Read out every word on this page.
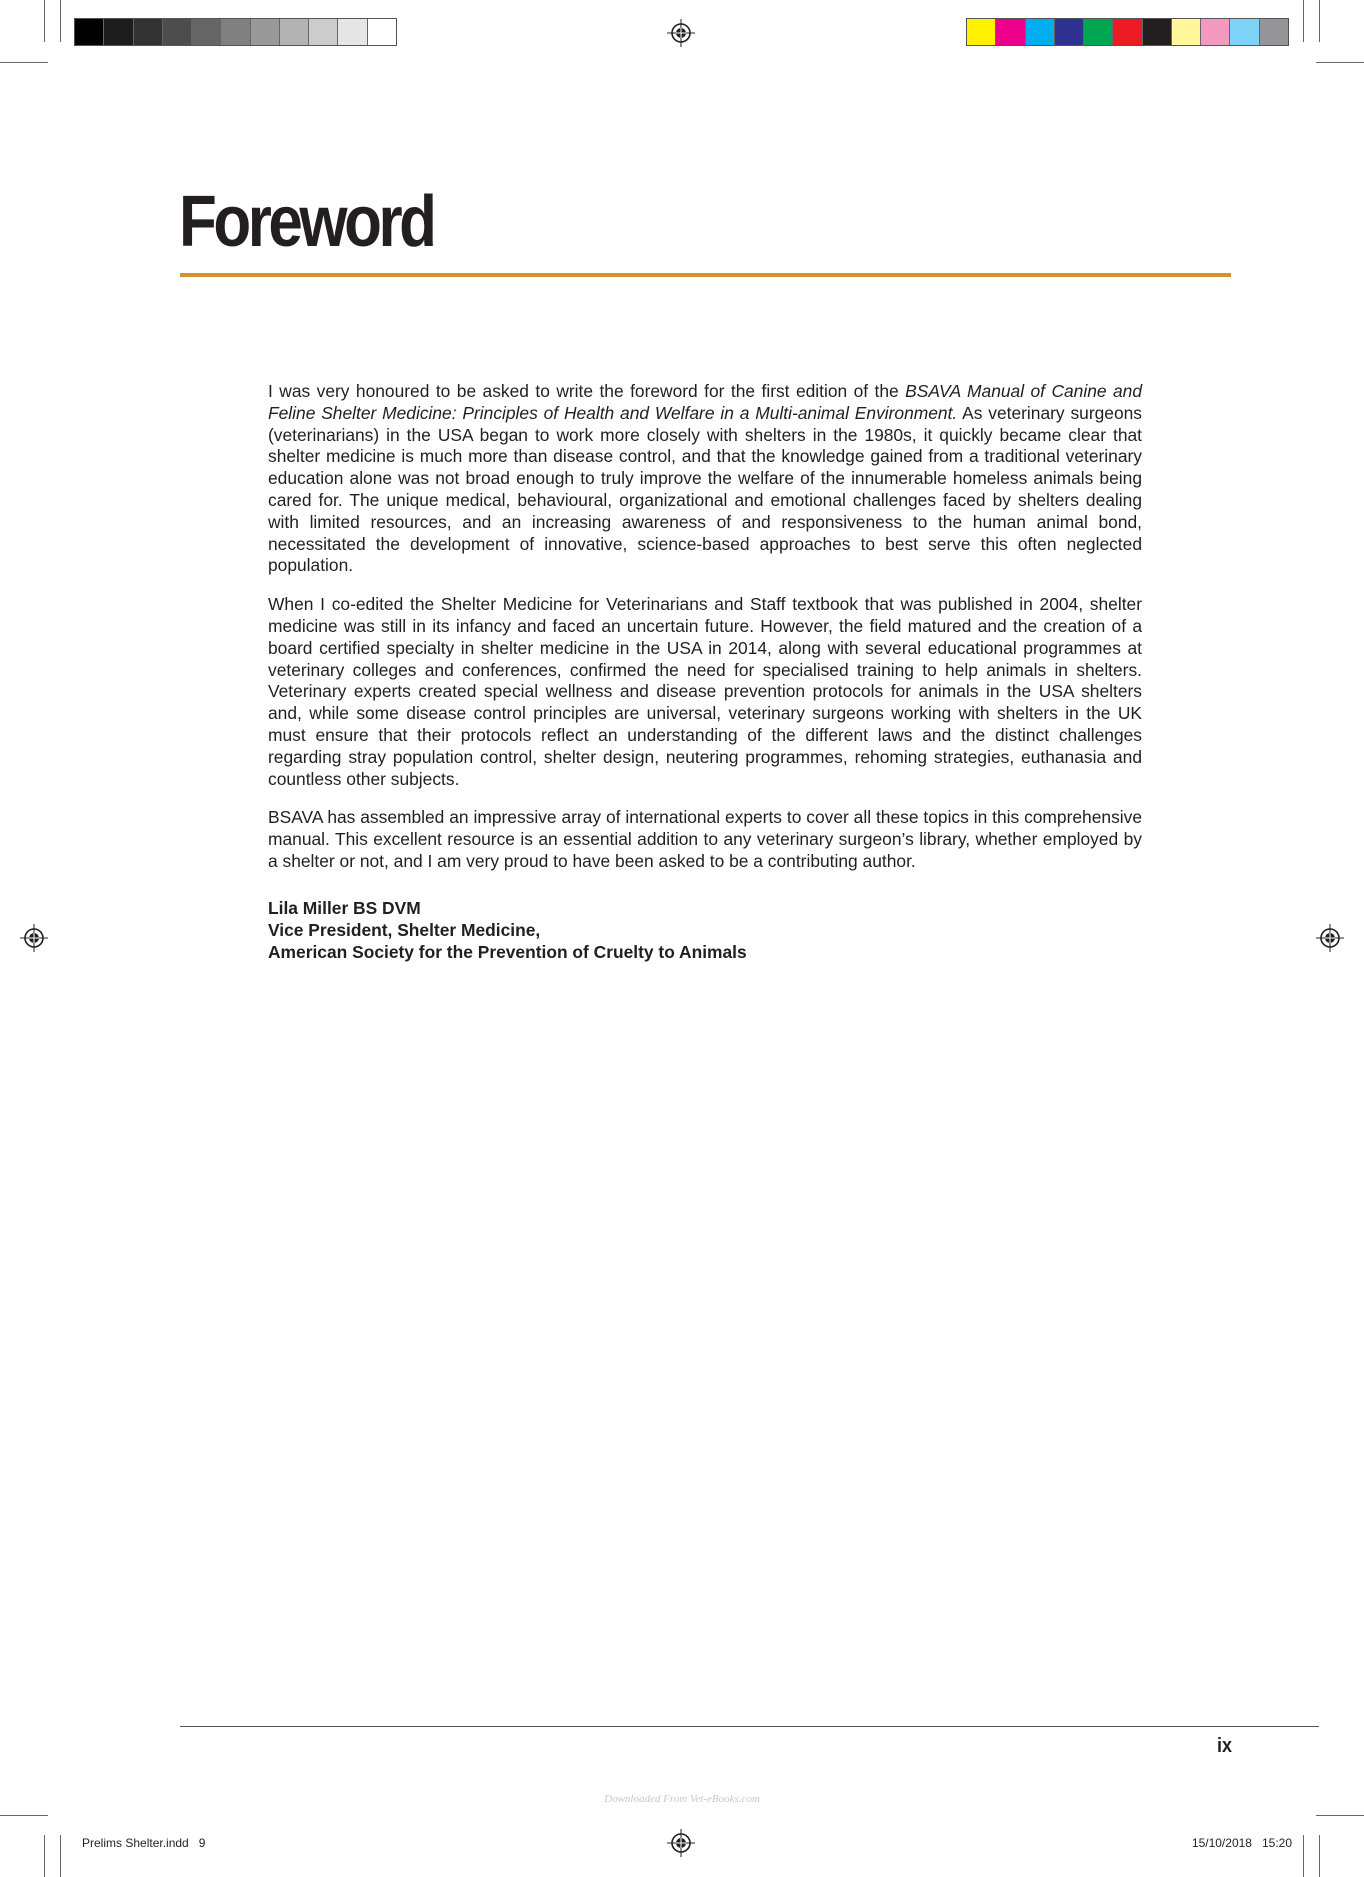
Foreword

I was very honoured to be asked to write the foreword for the first edition of the BSAVA Manual of Canine and Feline Shelter Medicine: Principles of Health and Welfare in a Multi-animal Environment. As veterinary surgeons (veterinarians) in the USA began to work more closely with shelters in the 1980s, it quickly became clear that shelter medicine is much more than disease control, and that the knowledge gained from a traditional veterinary education alone was not broad enough to truly improve the welfare of the innumerable homeless animals being cared for. The unique medical, behavioural, organizational and emotional challenges faced by shelters dealing with limited resources, and an increasing awareness of and responsiveness to the human animal bond, necessitated the development of innovative, science-based approaches to best serve this often neglected population.

When I co-edited the Shelter Medicine for Veterinarians and Staff textbook that was published in 2004, shelter medicine was still in its infancy and faced an uncertain future. However, the field matured and the creation of a board certified specialty in shelter medicine in the USA in 2014, along with several educational programmes at veterinary colleges and conferences, confirmed the need for specialised training to help animals in shelters. Veterinary experts created special wellness and disease prevention protocols for animals in the USA shelters and, while some disease control principles are universal, veterinary surgeons working with shelters in the UK must ensure that their protocols reflect an understanding of the different laws and the distinct challenges regarding stray population control, shelter design, neutering programmes, rehoming strategies, euthanasia and countless other subjects.

BSAVA has assembled an impressive array of international experts to cover all these topics in this comprehensive manual. This excellent resource is an essential addition to any veterinary surgeon’s library, whether employed by a shelter or not, and I am very proud to have been asked to be a contributing author.

Lila Miller BS DVM
Vice President, Shelter Medicine,
American Society for the Prevention of Cruelty to Animals
ix
Downloaded From Vet-eBooks.com
Prelims Shelter.indd   9	15/10/2018   15:20
